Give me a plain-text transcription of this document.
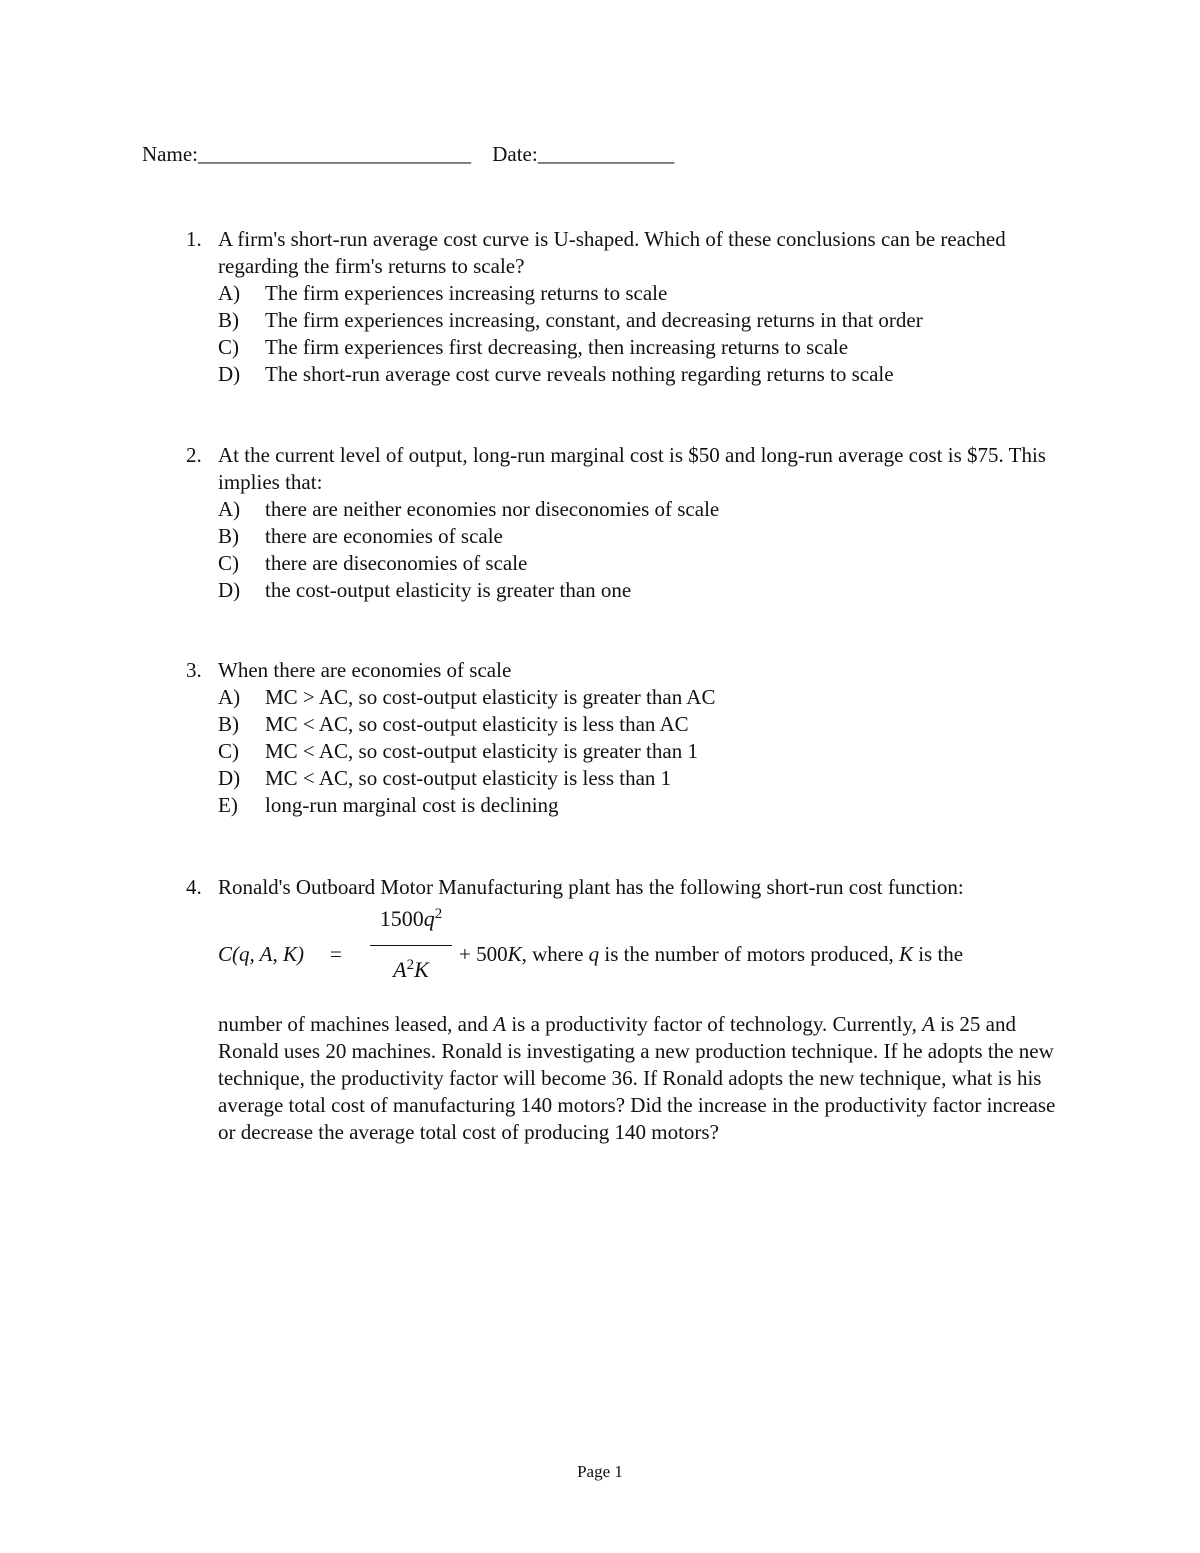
Name:__________________________ Date:_____________
1. A firm's short-run average cost curve is U-shaped. Which of these conclusions can be reached regarding the firm's returns to scale?
A)	The firm experiences increasing returns to scale
B)	The firm experiences increasing, constant, and decreasing returns in that order
C)	The firm experiences first decreasing, then increasing returns to scale
D)	The short-run average cost curve reveals nothing regarding returns to scale
2. At the current level of output, long-run marginal cost is $50 and long-run average cost is $75. This implies that:
A)	there are neither economies nor diseconomies of scale
B)	there are economies of scale
C)	there are diseconomies of scale
D)	the cost-output elasticity is greater than one
3. When there are economies of scale
A)	MC > AC, so cost-output elasticity is greater than AC
B)	MC < AC, so cost-output elasticity is less than AC
C)	MC < AC, so cost-output elasticity is greater than 1
D)	MC < AC, so cost-output elasticity is less than 1
E)	long-run marginal cost is declining
4. Ronald's Outboard Motor Manufacturing plant has the following short-run cost function:
C(q, A, K) =
$1500q^2$
$A^2K$
+ 500K, where q is the number of motors produced, K is the
number of machines leased, and A is a productivity factor of technology. Currently, A is 25 and Ronald uses 20 machines. Ronald is investigating a new production technique. If he adopts the new technique, the productivity factor will become 36. If Ronald adopts the new technique, what is his average total cost of manufacturing 140 motors? Did the increase in the productivity factor increase or decrease the average total cost of producing 140 motors?
Page 1
